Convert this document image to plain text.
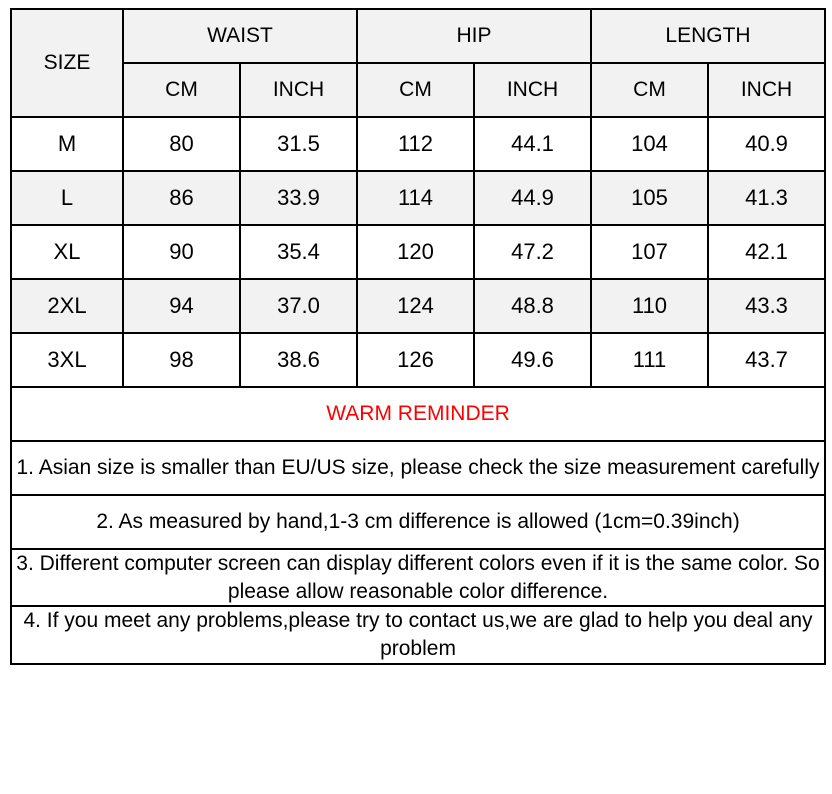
SIZE	WAIST		HIP		LENGTH	
	CM	INCH	CM	INCH	CM	INCH
M	80	31.5	112	44.1	104	40.9
L	86	33.9	114	44.9	105	41.3
XL	90	35.4	120	47.2	107	42.1
2XL	94	37.0	124	48.8	110	43.3
3XL	98	38.6	126	49.6	111	43.7
WARM REMINDER						
1. Asian size is smaller than EU/US size, please check the size measurement carefully						
2. As measured by hand,1-3 cm difference is allowed (1cm=0.39inch)						
3. Different computer screen can display different colors even if it is the same color. So please allow reasonable color difference.						
4. If you meet any problems,please try to contact us,we are glad to help you deal any problem						
